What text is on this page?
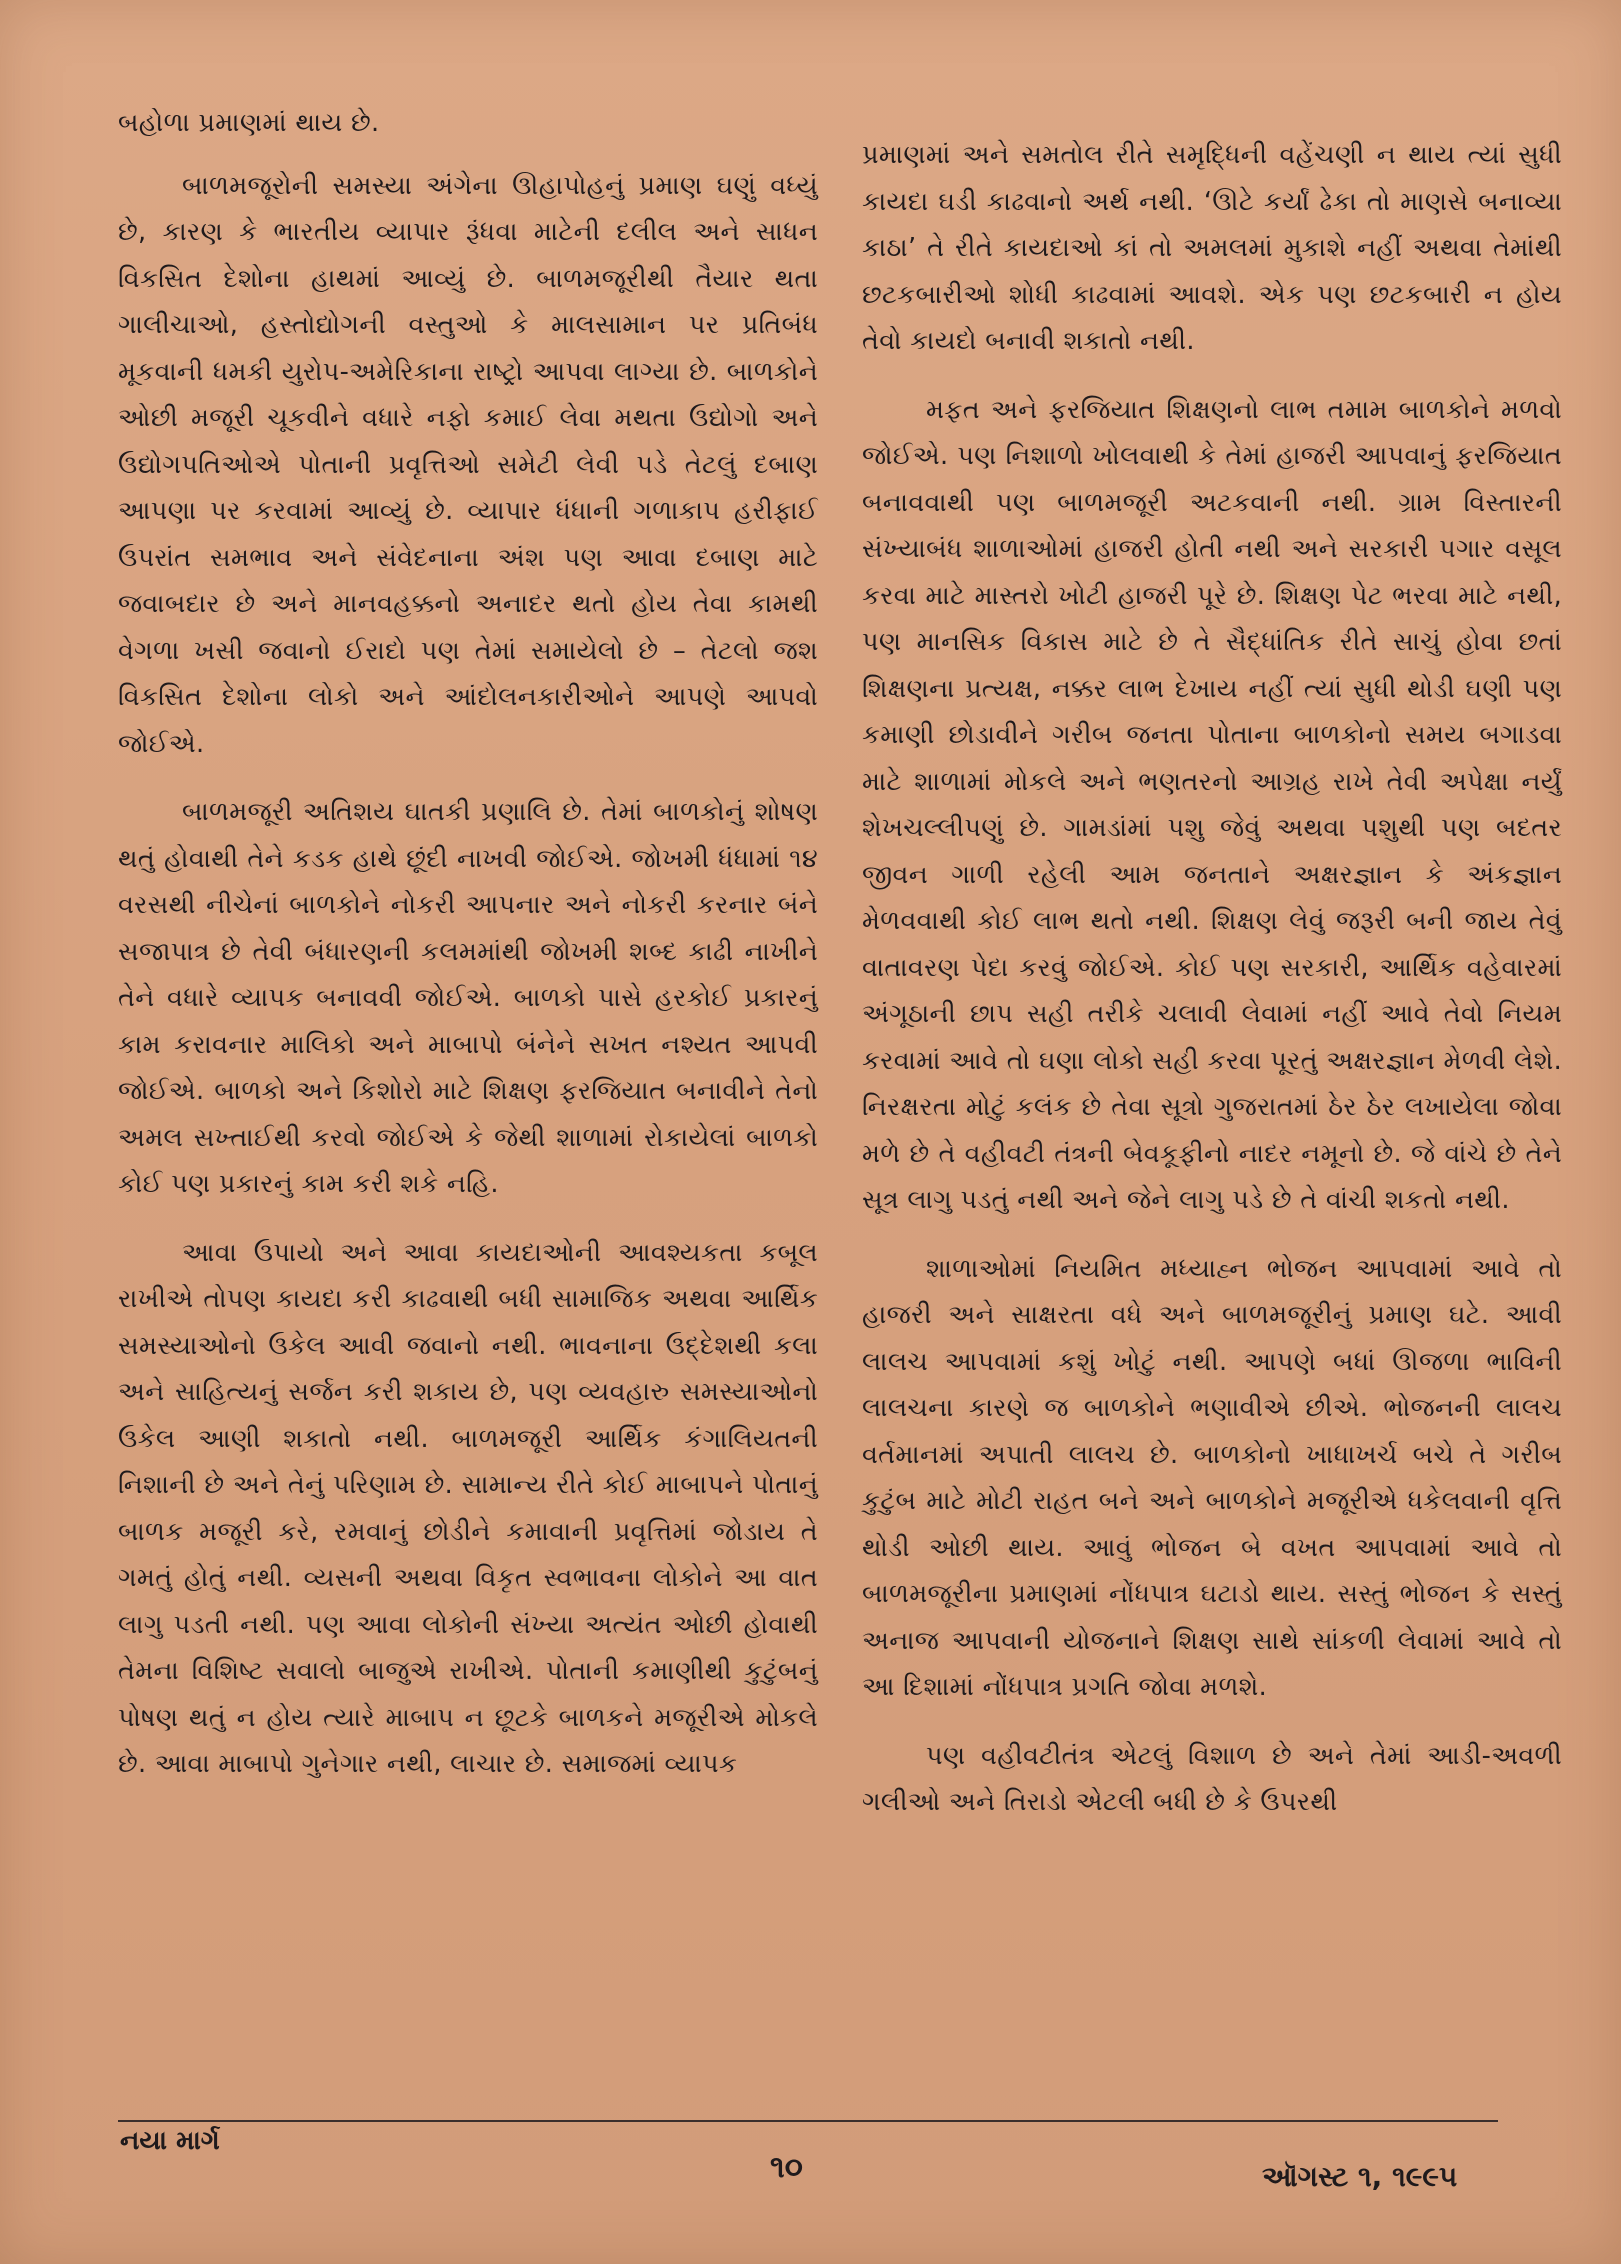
બહોળા પ્રમાણમાં થાય છે.

બાળમજૂરોની સમસ્યા અંગેના ઊહાપોહનું પ્રમાણ ઘણું વધ્યું છે, કારણ કે ભારતીય વ્યાપાર રૂંધવા માટેની દલીલ અને સાધન વિકસિત દેશોના હાથમાં આવ્યું છે. બાળમજૂરીથી તૈયાર થતા ગાલીચાઓ, હસ્તોદ્યોગની વસ્તુઓ કે માલસામાન પર પ્રતિબંધ મૂકવાની ધમકી યુરોપ-અમેરિકાના રાષ્ટ્રો આપવા લાગ્યા છે. બાળકોને ઓછી મજૂરી ચૂકવીને વધારે નફો કમાઈ લેવા મથતા ઉદ્યોગો અને ઉદ્યોગપતિઓએ પોતાની પ્રવૃત્તિઓ સમેટી લેવી પડે તેટલું દબાણ આપણા પર કરવામાં આવ્યું છે. વ્યાપાર ધંધાની ગળાકાપ હરીફાઈ ઉપરાંત સમભાવ અને સંવેદનાના અંશ પણ આવા દબાણ માટે જવાબદાર છે અને માનવહક્કનો અનાદર થતો હોય તેવા કામથી વેગળા ખસી જવાનો ઈરાદો પણ તેમાં સમાયેલો છે – તેટલો જશ વિકસિત દેશોના લોકો અને આંદોલનકારીઓને આપણે આપવો જોઈએ.

બાળમજૂરી અતિશય ઘાતકી પ્રણાલિ છે. તેમાં બાળકોનું શોષણ થતું હોવાથી તેને કડક હાથે છૂંદી નાખવી જોઈએ. જોખમી ધંધામાં ૧૪ વરસથી નીચેનાં બાળકોને નોકરી આપનાર અને નોકરી કરનાર બંને સજાપાત્ર છે તેવી બંધારણની કલમમાંથી જોખમી શબ્દ કાઢી નાખીને તેને વધારે વ્યાપક બનાવવી જોઈએ. બાળકો પાસે હરકોઈ પ્રકારનું કામ કરાવનાર માલિકો અને માબાપો બંનેને સખત નશ્યત આપવી જોઈએ. બાળકો અને કિશોરો માટે શિક્ષણ ફરજિયાત બનાવીને તેનો અમલ સખ્તાઈથી કરવો જોઈએ કે જેથી શાળામાં રોકાયેલાં બાળકો કોઈ પણ પ્રકારનું કામ કરી શકે નહિ.

આવા ઉપાયો અને આવા કાયદાઓની આવશ્યકતા કબૂલ રાખીએ તોપણ કાયદા કરી કાઢવાથી બધી સામાજિક અથવા આર્થિક સમસ્યાઓનો ઉકેલ આવી જવાનો નથી. ભાવનાના ઉદ્દેશથી કલા અને સાહિત્યનું સર્જન કરી શકાય છે, પણ વ્યવહારુ સમસ્યાઓનો ઉકેલ આણી શકાતો નથી. બાળમજૂરી આર્થિક કંગાલિયતની નિશાની છે અને તેનું પરિણામ છે. સામાન્ય રીતે કોઈ માબાપને પોતાનું બાળક મજૂરી કરે, રમવાનું છોડીને કમાવાની પ્રવૃત્તિમાં જોડાય તે ગમતું હોતું નથી. વ્યસની અથવા વિકૃત સ્વભાવના લોકોને આ વાત લાગુ પડતી નથી. પણ આવા લોકોની સંખ્યા અત્યંત ઓછી હોવાથી તેમના વિશિષ્ટ સવાલો બાજુએ રાખીએ. પોતાની કમાણીથી કુટુંબનું પોષણ થતું ન હોય ત્યારે માબાપ ન છૂટકે બાળકને મજૂરીએ મોકલે છે. આવા માબાપો ગુનેગાર નથી, લાચાર છે. સમાજમાં વ્યાપક

પ્રમાણમાં અને સમતોલ રીતે સમૃદ્ધિની વહેંચણી ન થાય ત્યાં સુધી કાયદા ઘડી કાઢવાનો અર્થ નથી. ‘ઊટે કર્યાં ઢેકા તો માણસે બનાવ્યા કાઠા’ તે રીતે કાયદાઓ કાં તો અમલમાં મુકાશે નહીં અથવા તેમાંથી છટકબારીઓ શોધી કાઢવામાં આવશે. એક પણ છટકબારી ન હોય તેવો કાયદો બનાવી શકાતો નથી.

મફત અને ફરજિયાત શિક્ષણનો લાભ તમામ બાળકોને મળવો જોઈએ. પણ નિશાળો ખોલવાથી કે તેમાં હાજરી આપવાનું ફરજિયાત બનાવવાથી પણ બાળમજૂરી અટકવાની નથી. ગ્રામ વિસ્તારની સંખ્યાબંધ શાળાઓમાં હાજરી હોતી નથી અને સરકારી પગાર વસૂલ કરવા માટે માસ્તરો ખોટી હાજરી પૂરે છે. શિક્ષણ પેટ ભરવા માટે નથી, પણ માનસિક વિકાસ માટે છે તે સૈદ્ધાંતિક રીતે સાચું હોવા છતાં શિક્ષણના પ્રત્યક્ષ, નક્કર લાભ દેખાય નહીં ત્યાં સુધી થોડી ઘણી પણ કમાણી છોડાવીને ગરીબ જનતા પોતાના બાળકોનો સમય બગાડવા માટે શાળામાં મોકલે અને ભણતરનો આગ્રહ રાખે તેવી અપેક્ષા નર્યું શેખચલ્લીપણું છે. ગામડાંમાં પશુ જેવું અથવા પશુથી પણ બદતર જીવન ગાળી રહેલી આમ જનતાને અક્ષરજ્ઞાન કે અંકજ્ઞાન મેળવવાથી કોઈ લાભ થતો નથી. શિક્ષણ લેવું જરૂરી બની જાય તેવું વાતાવરણ પેદા કરવું જોઈએ. કોઈ પણ સરકારી, આર્થિક વહેવારમાં અંગૂઠાની છાપ સહી તરીકે ચલાવી લેવામાં નહીં આવે તેવો નિયમ કરવામાં આવે તો ઘણા લોકો સહી કરવા પૂરતું અક્ષરજ્ઞાન મેળવી લેશે. નિરક્ષરતા મોટું કલંક છે તેવા સૂત્રો ગુજરાતમાં ઠેર ઠેર લખાયેલા જોવા મળે છે તે વહીવટી તંત્રની બેવકૂફીનો નાદર નમૂનો છે. જે વાંચે છે તેને સૂત્ર લાગુ પડતું નથી અને જેને લાગુ પડે છે તે વાંચી શકતો નથી.

શાળાઓમાં નિયમિત મધ્યાહ્ન ભોજન આપવામાં આવે તો હાજરી અને સાક્ષરતા વધે અને બાળમજૂરીનું પ્રમાણ ઘટે. આવી લાલચ આપવામાં કશું ખોટું નથી. આપણે બધાં ઊજળા ભાવિની લાલચના કારણે જ બાળકોને ભણાવીએ છીએ. ભોજનની લાલચ વર્તમાનમાં અપાતી લાલચ છે. બાળકોનો ખાધાખર્ચ બચે તે ગરીબ કુટુંબ માટે મોટી રાહત બને અને બાળકોને મજૂરીએ ધકેલવાની વૃત્તિ થોડી ઓછી થાય. આવું ભોજન બે વખત આપવામાં આવે તો બાળમજૂરીના પ્રમાણમાં નોંધપાત્ર ઘટાડો થાય. સસ્તું ભોજન કે સસ્તું અનાજ આપવાની યોજનાને શિક્ષણ સાથે સાંકળી લેવામાં આવે તો આ દિશામાં નોંધપાત્ર પ્રગતિ જોવા મળશે.

પણ વહીવટીતંત્ર એટલું વિશાળ છે અને તેમાં આડી-અવળી ગલીઓ અને તિરાડો એટલી બધી છે કે ઉપરથી

નયા માર્ગ
૧૦	ઑગસ્ટ ૧, ૧૯૯૫
